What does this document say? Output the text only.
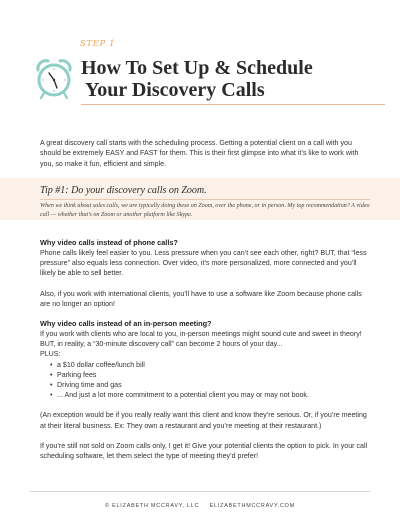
STEP 1
How To Set Up & Schedule
Your Discovery Calls

A great discovery call starts with the scheduling process. Getting a potential client on a call with you should be extremely EASY and FAST for them. This is their first glimpse into what it’s like to work with you, so make it fun, efficient and simple.

Tip #1: Do your discovery calls on Zoom.

When we think about sales calls, we are typically doing these on Zoom, over the phone, or in person. My top recommendation? A video call — whether that’s on Zoom or another platform like Skype.

Why video calls instead of phone calls?

Phone calls likely feel easier to you. Less pressure when you can’t see each other, right? BUT, that “less pressure” also equals less connection. Over video, it’s more personalized, more connected and you’ll likely be able to sell better.

Also, if you work with international clients, you’ll have to use a software like Zoom because phone calls are no longer an option!

Why video calls instead of an in-person meeting?

If you work with clients who are local to you, in-person meetings might sound cute and sweet in theory! BUT, in reality, a “30-minute discovery call” can become 2 hours of your day...

PLUS:

• a $10 dollar coffee/lunch bill
• Parking fees
• Driving time and gas
• ... And just a lot more commitment to a potential client you may or may not book.

(An exception would be if you really really want this client and know they’re serious. Or, if you’re meeting at their literal business. Ex: They own a restaurant and you’re meeting at their restaurant.)

If you’re still not sold on Zoom calls only, I get it! Give your potential clients the option to pick. In your call scheduling software, let them select the type of meeting they’d prefer!

© ELIZABETH MCCRAVY, LLC ELIZABETHMCCRAVY.COM
